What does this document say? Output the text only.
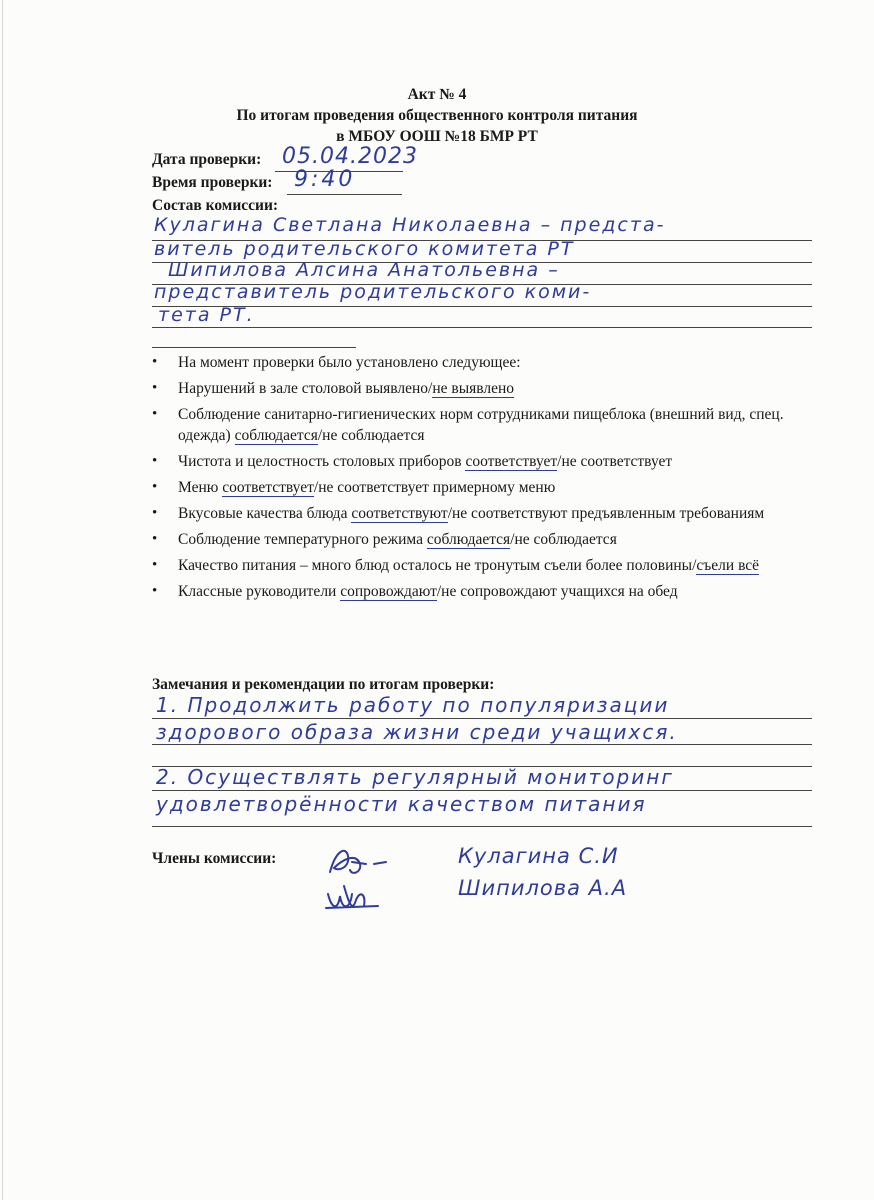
Акт № 4
По итогам проведения общественного контроля питания
в МБОУ ООШ №18 БМР РТ
Дата проверки: 05.04.2023
Время проверки: 9:40
Состав комиссии:
Кулагина Светлана Николаевна – предста-
витель родительского комитета РТ
Шипилова Алсина Анатольевна –
представитель родительского коми-
тета РТ.
• На момент проверки было установлено следующее:
• Нарушений в зале столовой выявлено/не выявлено
• Соблюдение санитарно-гигиенических норм сотрудниками пищеблока (внешний вид, спец. одежда) соблюдается/не соблюдается
• Чистота и целостность столовых приборов соответствует/не соответствует
• Меню соответствует/не соответствует примерному меню
• Вкусовые качества блюда соответствуют/не соответствуют предъявленным требованиям
• Соблюдение температурного режима соблюдается/не соблюдается
• Качество питания – много блюд осталось не тронутым съели более половины/съели всё
• Классные руководители сопровождают/не сопровождают учащихся на обед
Замечания и рекомендации по итогам проверки:
1. Продолжить работу по популяризации
здорового образа жизни среди учащихся.
2. Осуществлять регулярный мониторинг
удовлетворённости качеством питания
Члены комиссии:	Кулагина С.И
Шипилова А.А
